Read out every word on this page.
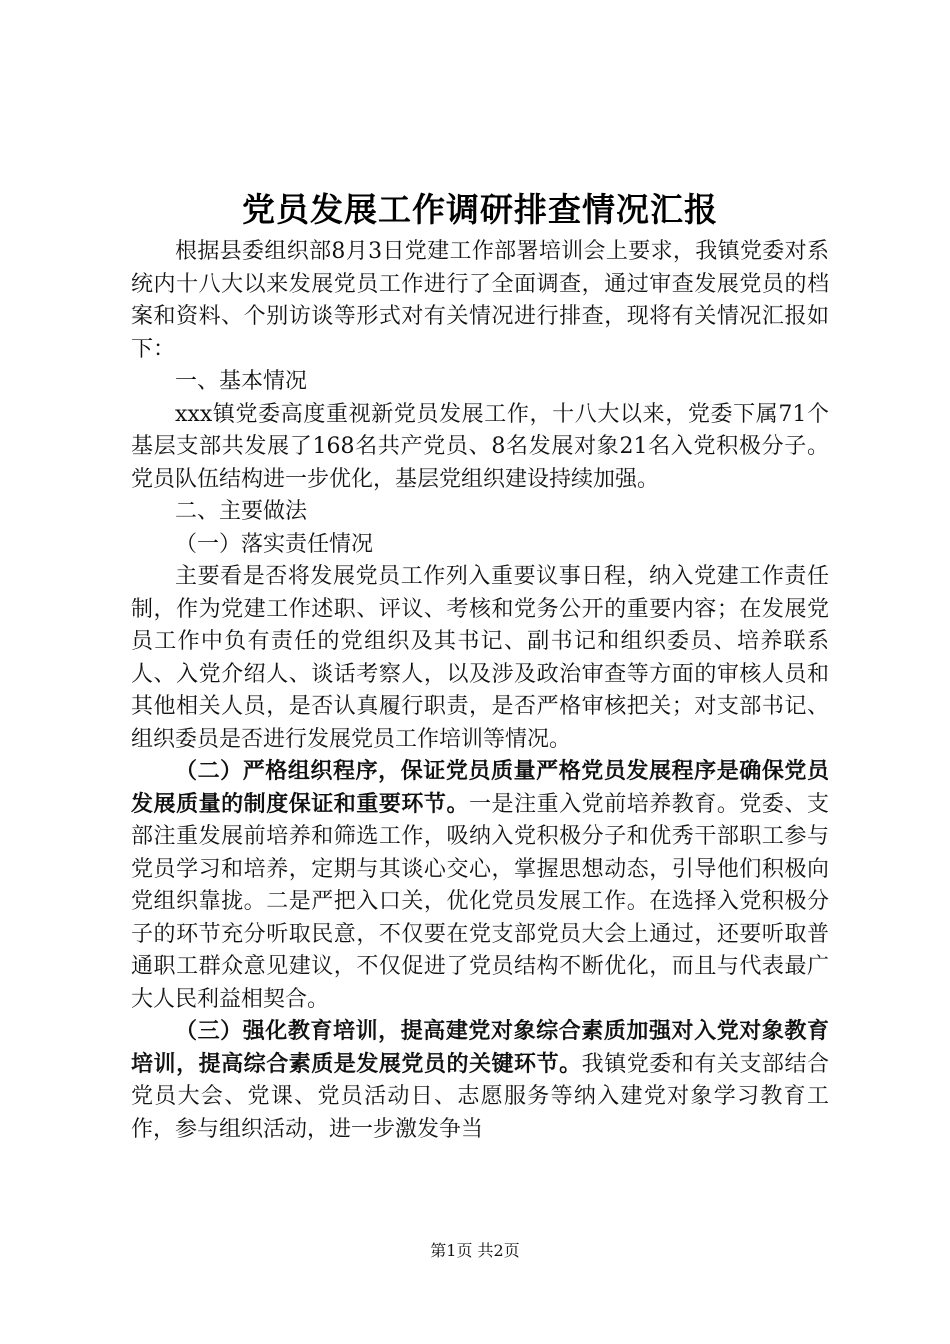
党员发展工作调研排查情况汇报

根据县委组织部8月3日党建工作部署培训会上要求，我镇党委对系统内十八大以来发展党员工作进行了全面调查，通过审查发展党员的档案和资料、个别访谈等形式对有关情况进行排查，现将有关情况汇报如下：

一、基本情况

xxx镇党委高度重视新党员发展工作，十八大以来，党委下属71个基层支部共发展了168名共产党员、8名发展对象21名入党积极分子。党员队伍结构进一步优化，基层党组织建设持续加强。

二、主要做法

（一）落实责任情况

主要看是否将发展党员工作列入重要议事日程，纳入党建工作责任制，作为党建工作述职、评议、考核和党务公开的重要内容；在发展党员工作中负有责任的党组织及其书记、副书记和组织委员、培养联系人、入党介绍人、谈话考察人，以及涉及政治审查等方面的审核人员和其他相关人员，是否认真履行职责，是否严格审核把关；对支部书记、组织委员是否进行发展党员工作培训等情况。

（二）严格组织程序，保证党员质量严格党员发展程序是确保党员发展质量的制度保证和重要环节。一是注重入党前培养教育。党委、支部注重发展前培养和筛选工作，吸纳入党积极分子和优秀干部职工参与党员学习和培养，定期与其谈心交心，掌握思想动态，引导他们积极向党组织靠拢。二是严把入口关，优化党员发展工作。在选择入党积极分子的环节充分听取民意，不仅要在党支部党员大会上通过，还要听取普通职工群众意见建议，不仅促进了党员结构不断优化，而且与代表最广大人民利益相契合。

（三）强化教育培训，提高建党对象综合素质加强对入党对象教育培训，提高综合素质是发展党员的关键环节。我镇党委和有关支部结合党员大会、党课、党员活动日、志愿服务等纳入建党对象学习教育工作，参与组织活动，进一步激发争当

第1页 共2页
